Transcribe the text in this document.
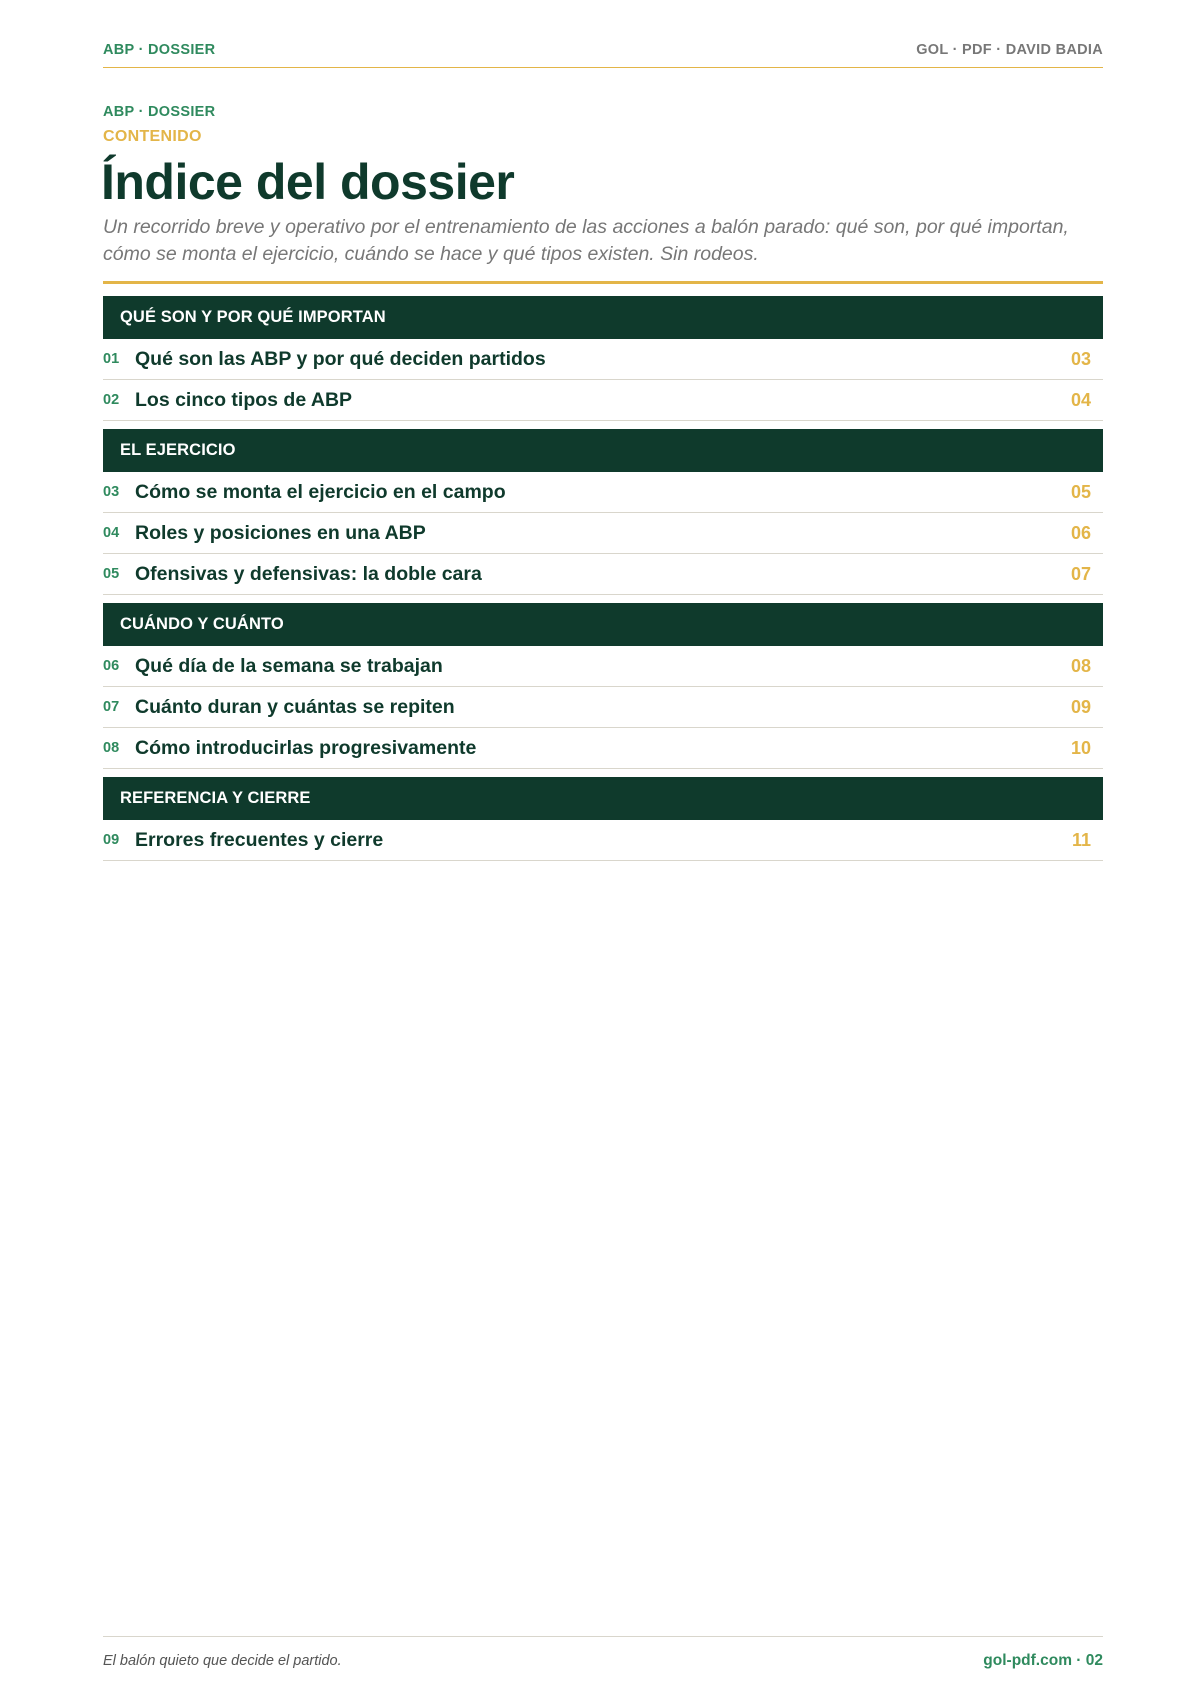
ABP · DOSSIER	GOL · PDF · DAVID BADIA
ABP · DOSSIER
CONTENIDO
Índice del dossier

Un recorrido breve y operativo por el entrenamiento de las acciones a balón parado: qué son, por qué importan, cómo se monta el ejercicio, cuándo se hace y qué tipos existen. Sin rodeos.

QUÉ SON Y POR QUÉ IMPORTAN
01 Qué son las ABP y por qué deciden partidos	03
02 Los cinco tipos de ABP	04
EL EJERCICIO
03 Cómo se monta el ejercicio en el campo	05
04 Roles y posiciones en una ABP	06
05 Ofensivas y defensivas: la doble cara	07
CUÁNDO Y CUÁNTO
06 Qué día de la semana se trabajan	08
07 Cuánto duran y cuántas se repiten	09
08 Cómo introducirlas progresivamente	10
REFERENCIA Y CIERRE
09 Errores frecuentes y cierre	11
El balón quieto que decide el partido.	gol-pdf.com · 02
